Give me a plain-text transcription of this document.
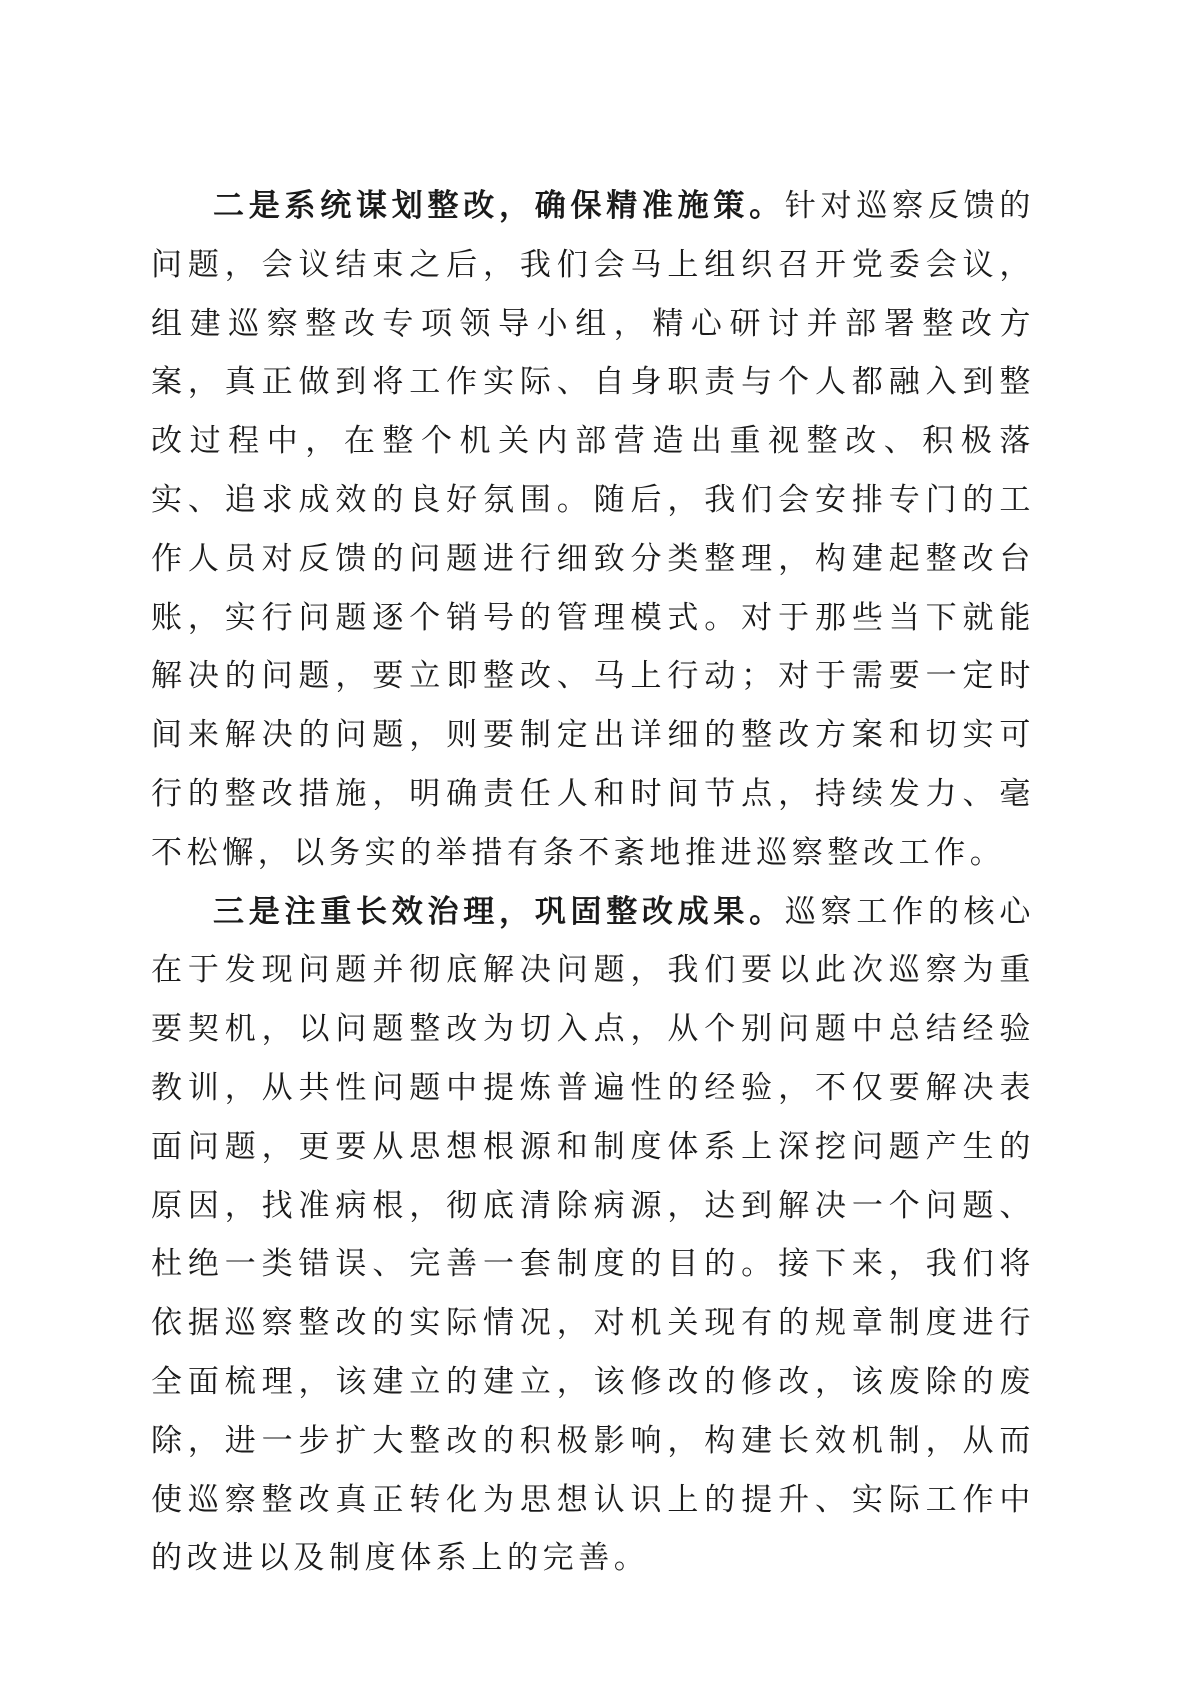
二是系统谋划整改，确保精准施策。针对巡察反馈的问题，会议结束之后，我们会马上组织召开党委会议，组建巡察整改专项领导小组，精心研讨并部署整改方案，真正做到将工作实际、自身职责与个人都融入到整改过程中，在整个机关内部营造出重视整改、积极落实、追求成效的良好氛围。随后，我们会安排专门的工作人员对反馈的问题进行细致分类整理，构建起整改台账，实行问题逐个销号的管理模式。对于那些当下就能解决的问题，要立即整改、马上行动；对于需要一定时间来解决的问题，则要制定出详细的整改方案和切实可行的整改措施，明确责任人和时间节点，持续发力、毫不松懈，以务实的举措有条不紊地推进巡察整改工作。

三是注重长效治理，巩固整改成果。巡察工作的核心在于发现问题并彻底解决问题，我们要以此次巡察为重要契机，以问题整改为切入点，从个别问题中总结经验教训，从共性问题中提炼普遍性的经验，不仅要解决表面问题，更要从思想根源和制度体系上深挖问题产生的原因，找准病根，彻底清除病源，达到解决一个问题、杜绝一类错误、完善一套制度的目的。接下来，我们将依据巡察整改的实际情况，对机关现有的规章制度进行全面梳理，该建立的建立，该修改的修改，该废除的废除，进一步扩大整改的积极影响，构建长效机制，从而使巡察整改真正转化为思想认识上的提升、实际工作中的改进以及制度体系上的完善。
